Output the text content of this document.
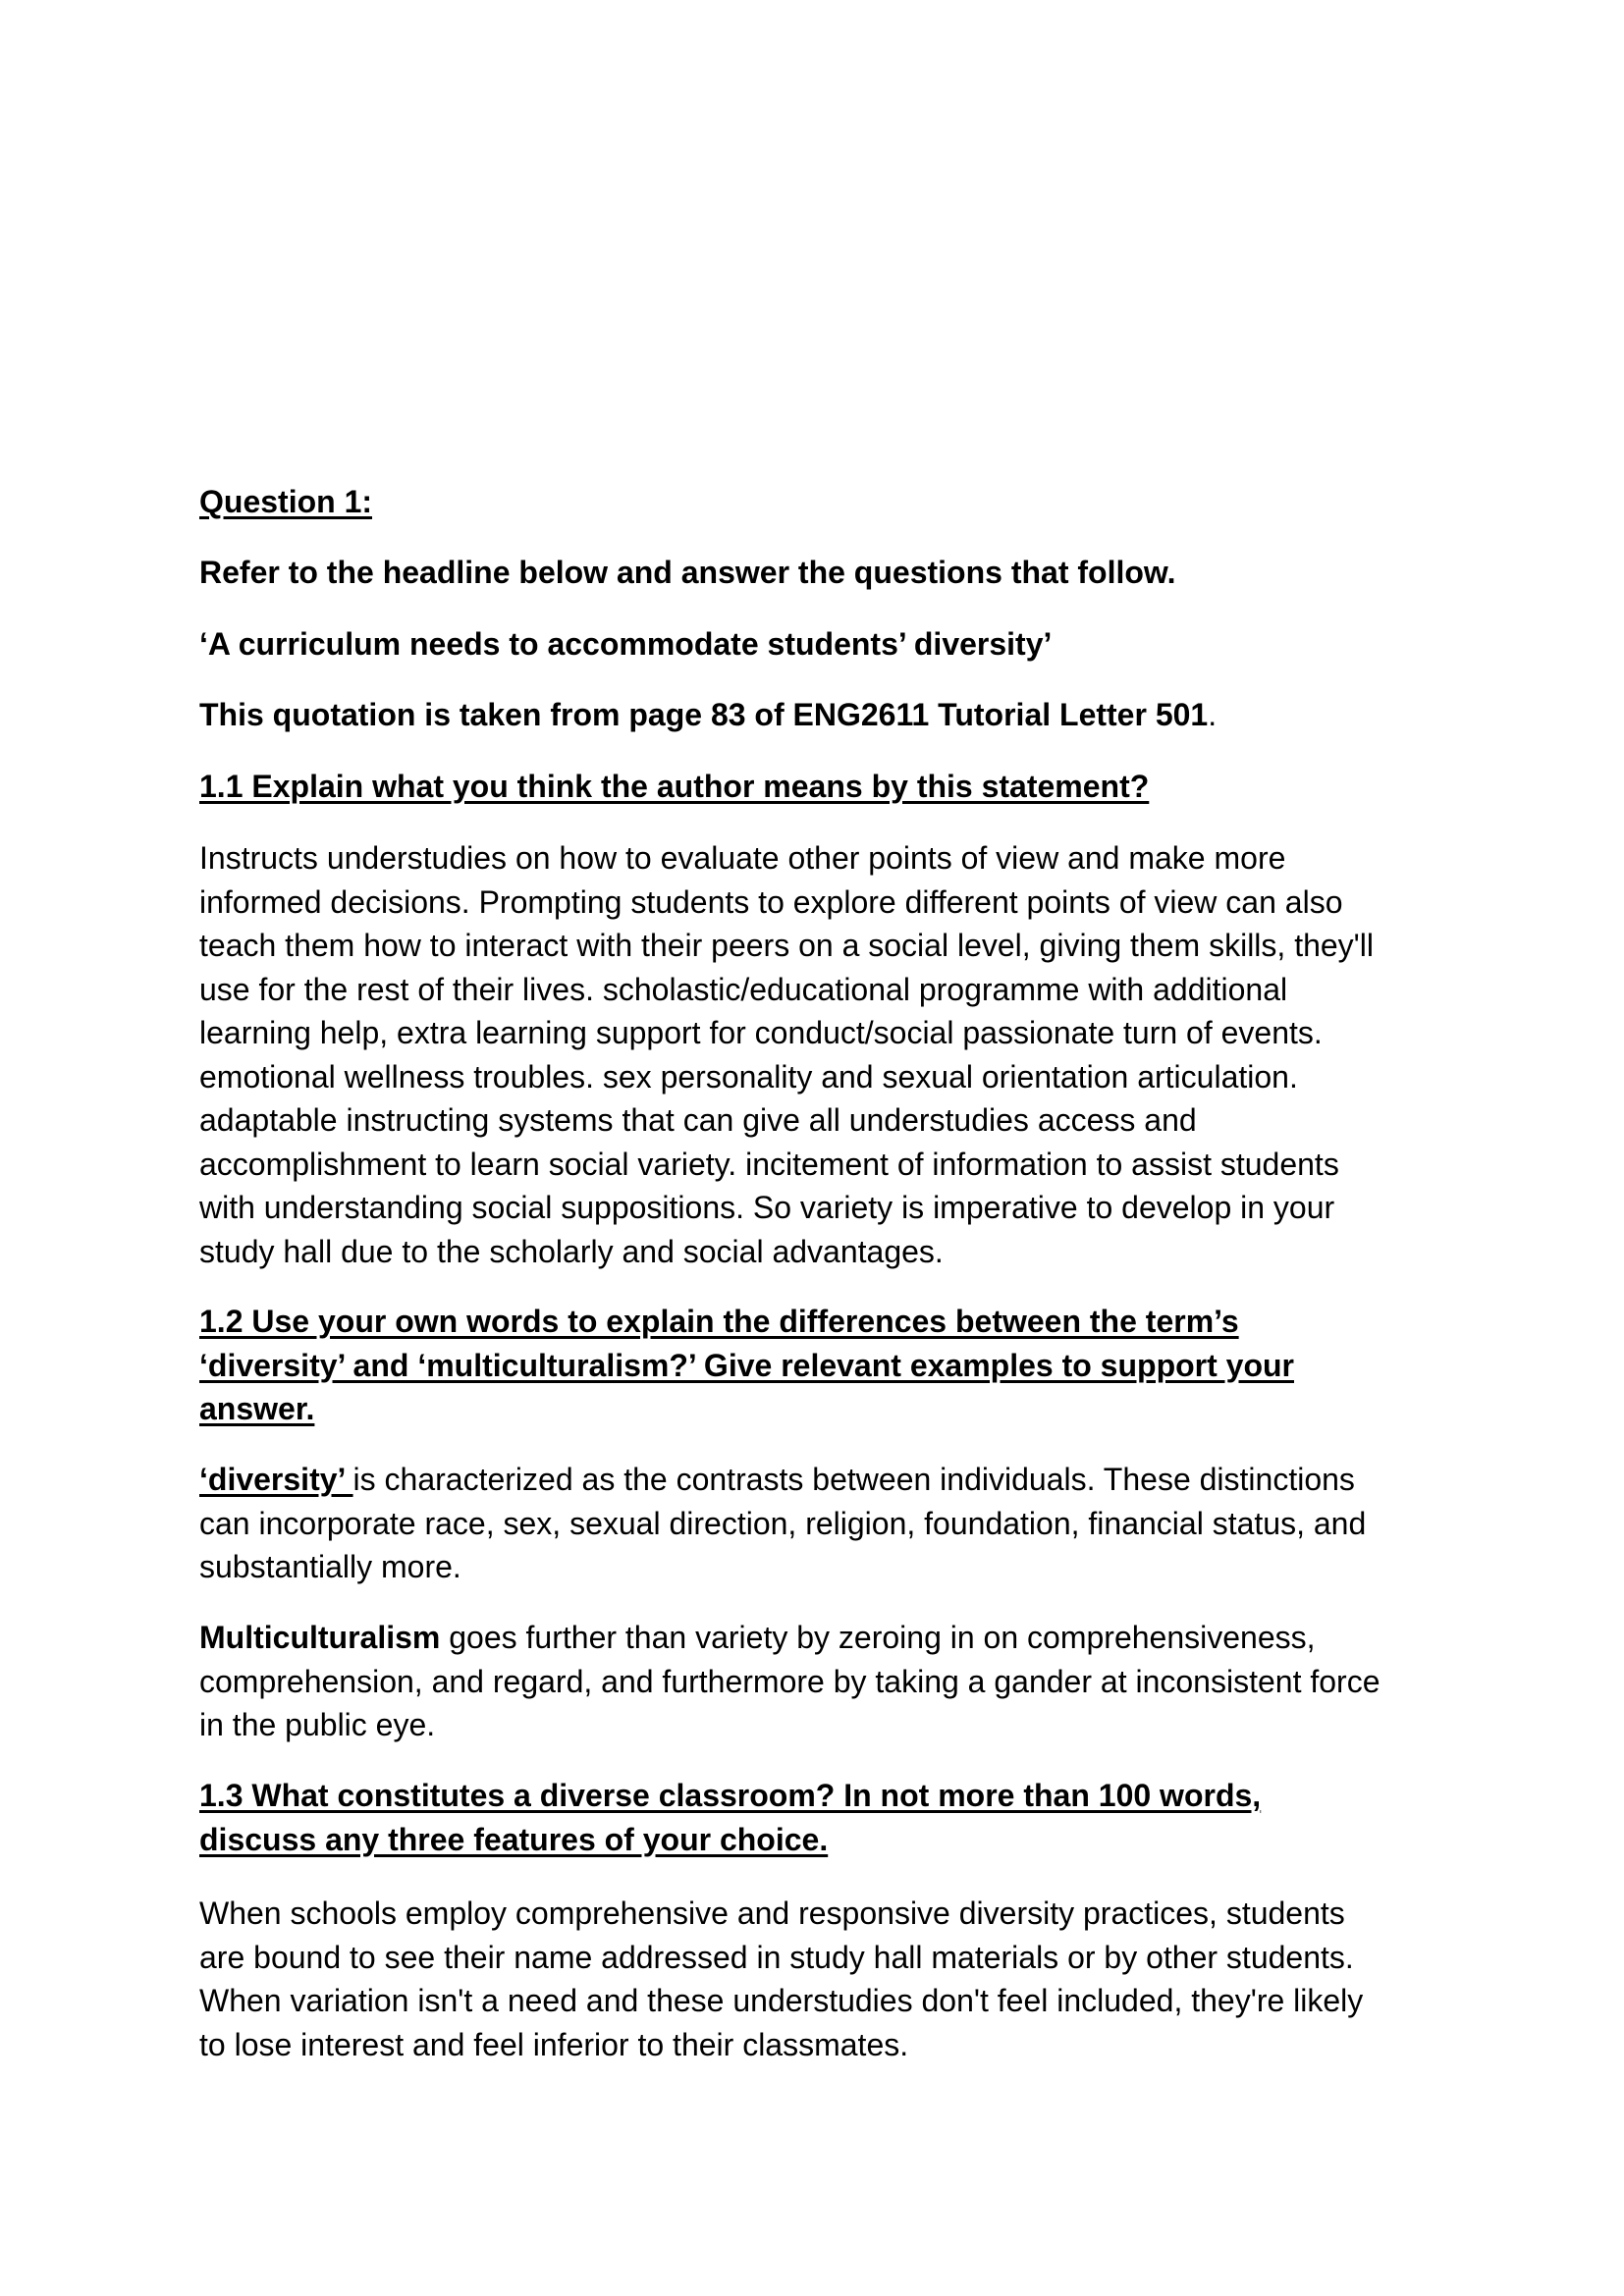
Question 1:
Refer to the headline below and answer the questions that follow.
‘A curriculum needs to accommodate students’ diversity’
This quotation is taken from page 83 of ENG2611 Tutorial Letter 501.
1.1 Explain what you think the author means by this statement?
Instructs understudies on how to evaluate other points of view and make more
informed decisions. Prompting students to explore different points of view can also
teach them how to interact with their peers on a social level, giving them skills, they'll
use for the rest of their lives. scholastic/educational programme with additional
learning help, extra learning support for conduct/social passionate turn of events.
emotional wellness troubles. sex personality and sexual orientation articulation.
adaptable instructing systems that can give all understudies access and
accomplishment to learn social variety. incitement of information to assist students
with understanding social suppositions. So variety is imperative to develop in your
study hall due to the scholarly and social advantages.
1.2 Use your own words to explain the differences between the term’s
‘diversity’ and ‘multiculturalism?’ Give relevant examples to support your
answer.
‘diversity’ is characterized as the contrasts between individuals. These distinctions
can incorporate race, sex, sexual direction, religion, foundation, financial status, and
substantially more.
Multiculturalism goes further than variety by zeroing in on comprehensiveness,
comprehension, and regard, and furthermore by taking a gander at inconsistent force
in the public eye.
1.3 What constitutes a diverse classroom? In not more than 100 words,
discuss any three features of your choice.
When schools employ comprehensive and responsive diversity practices, students
are bound to see their name addressed in study hall materials or by other students.
When variation isn't a need and these understudies don't feel included, they're likely
to lose interest and feel inferior to their classmates.
